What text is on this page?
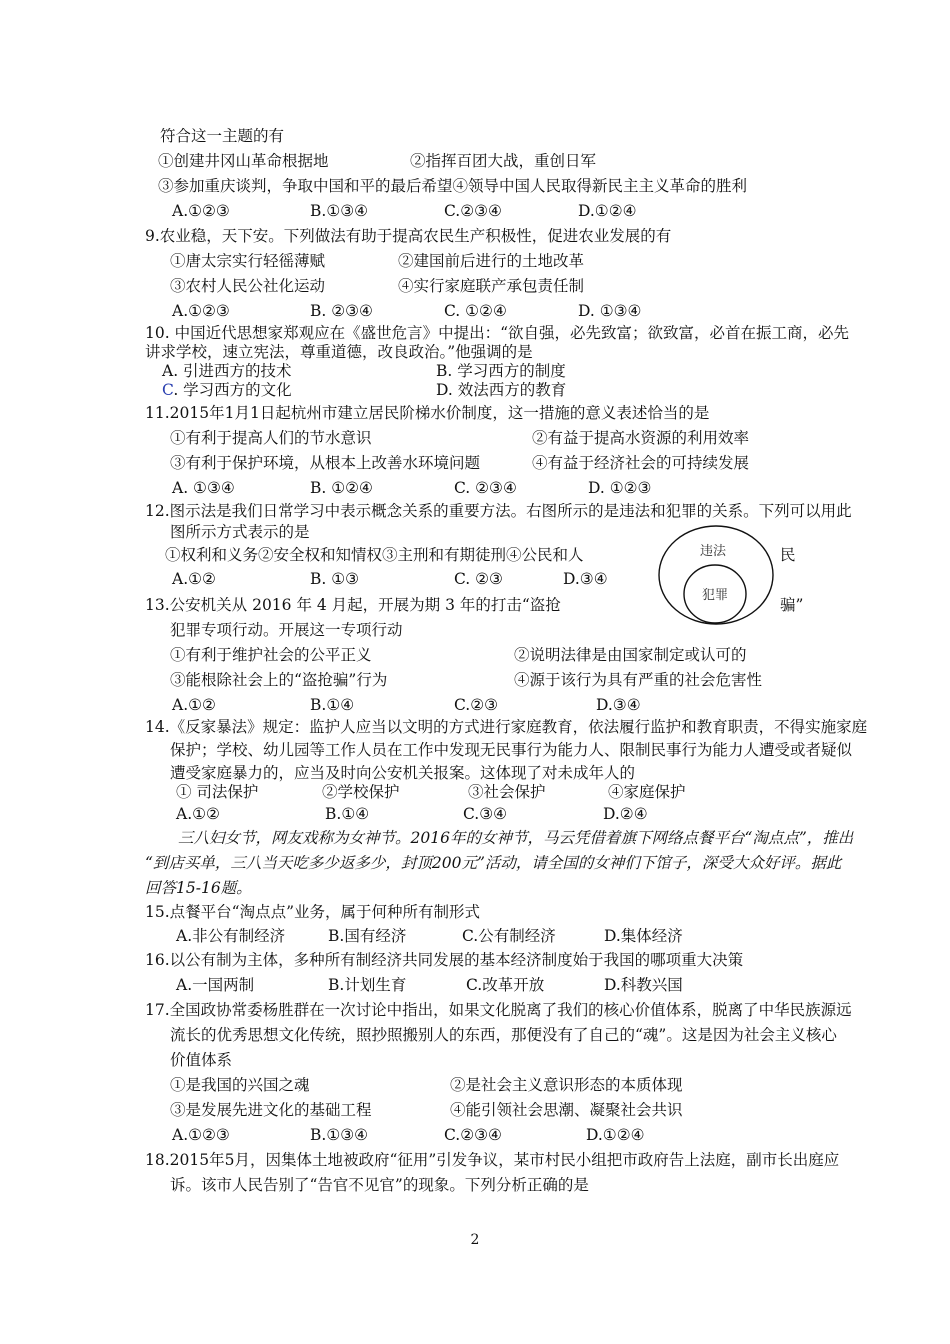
符合这一主题的有
①创建井冈山革命根据地	②指挥百团大战，重创日军
③参加重庆谈判，争取中国和平的最后希望④领导中国人民取得新民主主义革命的胜利
A.①②③	B.①③④	C.②③④	D.①②④
9.农业稳，天下安。下列做法有助于提高农民生产积极性，促进农业发展的有
①唐太宗实行轻徭薄赋	②建国前后进行的土地改革
③农村人民公社化运动	④实行家庭联产承包责任制
A.①②③	B. ②③④	C. ①②④	D. ①③④
10. 中国近代思想家郑观应在《盛世危言》中提出：“欲自强，必先致富；欲致富，必首在振工商，必先
讲求学校，速立宪法，尊重道德，改良政治。”他强调的是
A. 引进西方的技术	B. 学习西方的制度
C. 学习西方的文化	D. 效法西方的教育
11.2015年1月1日起杭州市建立居民阶梯水价制度，这一措施的意义表述恰当的是
①有利于提高人们的节水意识	②有益于提高水资源的利用效率
③有利于保护环境，从根本上改善水环境问题	④有益于经济社会的可持续发展
A. ①③④	B. ①②④	C. ②③④	D. ①②③
12.图示法是我们日常学习中表示概念关系的重要方法。右图所示的是违法和犯罪的关系。下列可以用此
图所示方式表示的是
①权利和义务②安全权和知情权③主刑和有期徒刑④公民和人	民
A.①②	B. ①③	C. ②③	D.③④
违法
犯罪
13.公安机关从 2016 年 4 月起，开展为期 3 年的打击“盗抢	骗”
犯罪专项行动。开展这一专项行动
①有利于维护社会的公平正义	②说明法律是由国家制定或认可的
③能根除社会上的“盗抢骗”行为	④源于该行为具有严重的社会危害性
A.①②	B.①④	C.②③	D.③④
14.《反家暴法》规定：监护人应当以文明的方式进行家庭教育，依法履行监护和教育职责，不得实施家庭
保护；学校、幼儿园等工作人员在工作中发现无民事行为能力人、限制民事行为能力人遭受或者疑似
遭受家庭暴力的，应当及时向公安机关报案。这体现了对未成年人的
① 司法保护	②学校保护	③社会保护	④家庭保护
A.①②	B.①④	C.③④	D.②④
三八妇女节，网友戏称为女神节。2016年的女神节，马云凭借着旗下网络点餐平台“淘点点”，推出
“到店买单，三八当天吃多少返多少，封顶200元”活动，请全国的女神们下馆子，深受大众好评。据此
回答15-16题。
15.点餐平台“淘点点”业务，属于何种所有制形式
A.非公有制经济	B.国有经济	C.公有制经济	D.集体经济
16.以公有制为主体，多种所有制经济共同发展的基本经济制度始于我国的哪项重大决策
A.一国两制	B.计划生育	C.改革开放	D.科教兴国
17.全国政协常委杨胜群在一次讨论中指出，如果文化脱离了我们的核心价值体系，脱离了中华民族源远
流长的优秀思想文化传统，照抄照搬别人的东西，那便没有了自己的“魂”。这是因为社会主义核心
价值体系
①是我国的兴国之魂	②是社会主义意识形态的本质体现
③是发展先进文化的基础工程	④能引领社会思潮、凝聚社会共识
A.①②③	B.①③④	C.②③④	D.①②④
18.2015年5月，因集体土地被政府“征用”引发争议，某市村民小组把市政府告上法庭，副市长出庭应
诉。该市人民告别了“告官不见官”的现象。下列分析正确的是
2
